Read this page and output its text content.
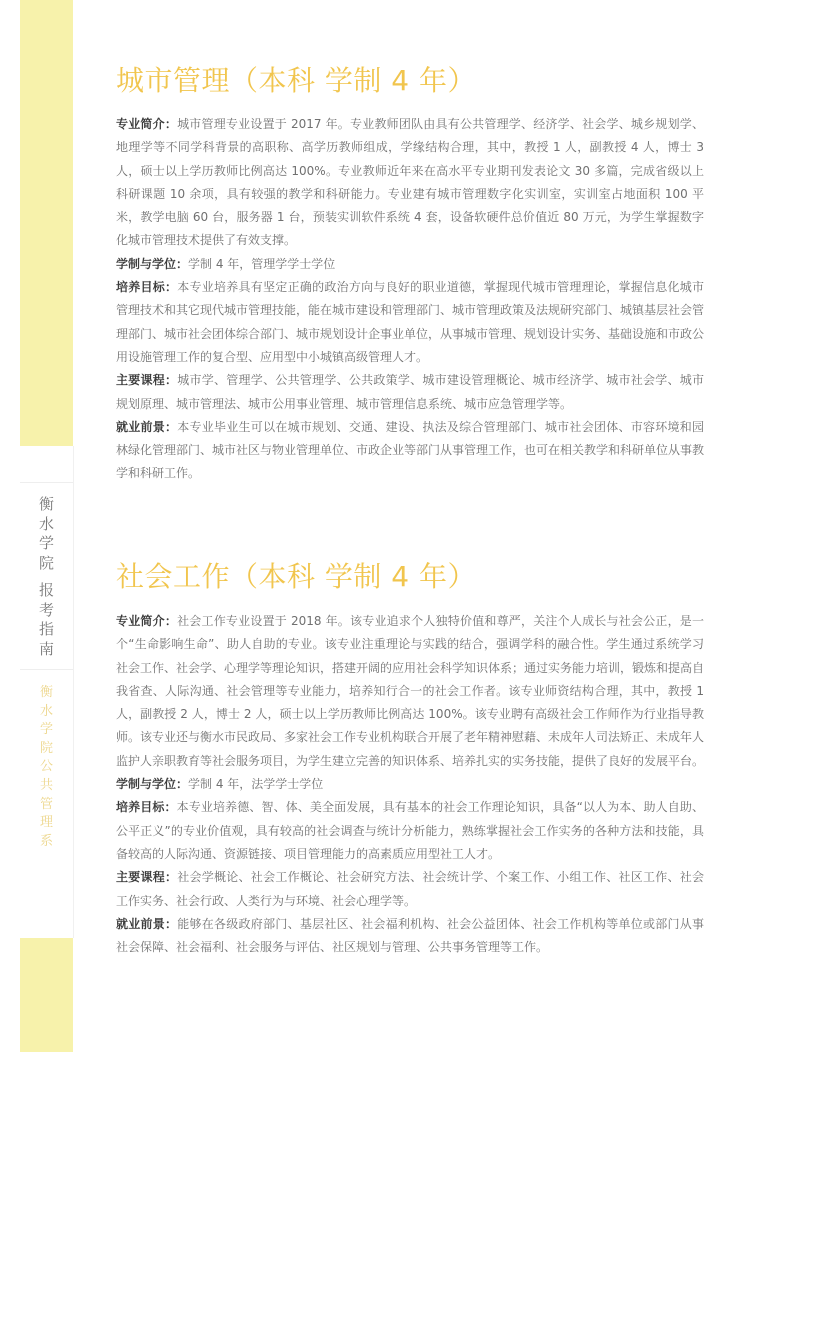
衡
水
学
院
报
考
指
南
衡
水
学
院
公
共
管
理
系
城市管理（本科 学制 4 年）

专业简介：城市管理专业设置于 2017 年。专业教师团队由具有公共管理学、经济学、社会学、城乡规划学、地理学等不同学科背景的高职称、高学历教师组成，学缘结构合理，其中，教授 1 人，副教授 4 人，博士 3 人，硕士以上学历教师比例高达 100%。专业教师近年来在高水平专业期刊发表论文 30 多篇，完成省级以上科研课题 10 余项，具有较强的教学和科研能力。专业建有城市管理数字化实训室，实训室占地面积 100 平米，教学电脑 60 台，服务器 1 台，预装实训软件系统 4 套，设备软硬件总价值近 80 万元，为学生掌握数字化城市管理技术提供了有效支撑。

学制与学位：学制 4 年，管理学学士学位

培养目标：本专业培养具有坚定正确的政治方向与良好的职业道德，掌握现代城市管理理论，掌握信息化城市管理技术和其它现代城市管理技能，能在城市建设和管理部门、城市管理政策及法规研究部门、城镇基层社会管理部门、城市社会团体综合部门、城市规划设计企事业单位，从事城市管理、规划设计实务、基础设施和市政公用设施管理工作的复合型、应用型中小城镇高级管理人才。

主要课程：城市学、管理学、公共管理学、公共政策学、城市建设管理概论、城市经济学、城市社会学、城市规划原理、城市管理法、城市公用事业管理、城市管理信息系统、城市应急管理学等。

就业前景：本专业毕业生可以在城市规划、交通、建设、执法及综合管理部门、城市社会团体、市容环境和园林绿化管理部门、城市社区与物业管理单位、市政企业等部门从事管理工作，也可在相关教学和科研单位从事教学和科研工作。

社会工作（本科 学制 4 年）

专业简介：社会工作专业设置于 2018 年。该专业追求个人独特价值和尊严，关注个人成长与社会公正，是一个“生命影响生命”、助人自助的专业。该专业注重理论与实践的结合，强调学科的融合性。学生通过系统学习社会工作、社会学、心理学等理论知识，搭建开阔的应用社会科学知识体系；通过实务能力培训，锻炼和提高自我省查、人际沟通、社会管理等专业能力，培养知行合一的社会工作者。该专业师资结构合理，其中，教授 1 人，副教授 2 人，博士 2 人，硕士以上学历教师比例高达 100%。该专业聘有高级社会工作师作为行业指导教师。该专业还与衡水市民政局、多家社会工作专业机构联合开展了老年精神慰藉、未成年人司法矫正、未成年人监护人亲职教育等社会服务项目，为学生建立完善的知识体系、培养扎实的实务技能，提供了良好的发展平台。

学制与学位：学制 4 年，法学学士学位

培养目标：本专业培养德、智、体、美全面发展，具有基本的社会工作理论知识，具备“以人为本、助人自助、公平正义”的专业价值观，具有较高的社会调查与统计分析能力，熟练掌握社会工作实务的各种方法和技能，具备较高的人际沟通、资源链接、项目管理能力的高素质应用型社工人才。

主要课程：社会学概论、社会工作概论、社会研究方法、社会统计学、个案工作、小组工作、社区工作、社会工作实务、社会行政、人类行为与环境、社会心理学等。

就业前景：能够在各级政府部门、基层社区、社会福利机构、社会公益团体、社会工作机构等单位或部门从事社会保障、社会福利、社会服务与评估、社区规划与管理、公共事务管理等工作。
